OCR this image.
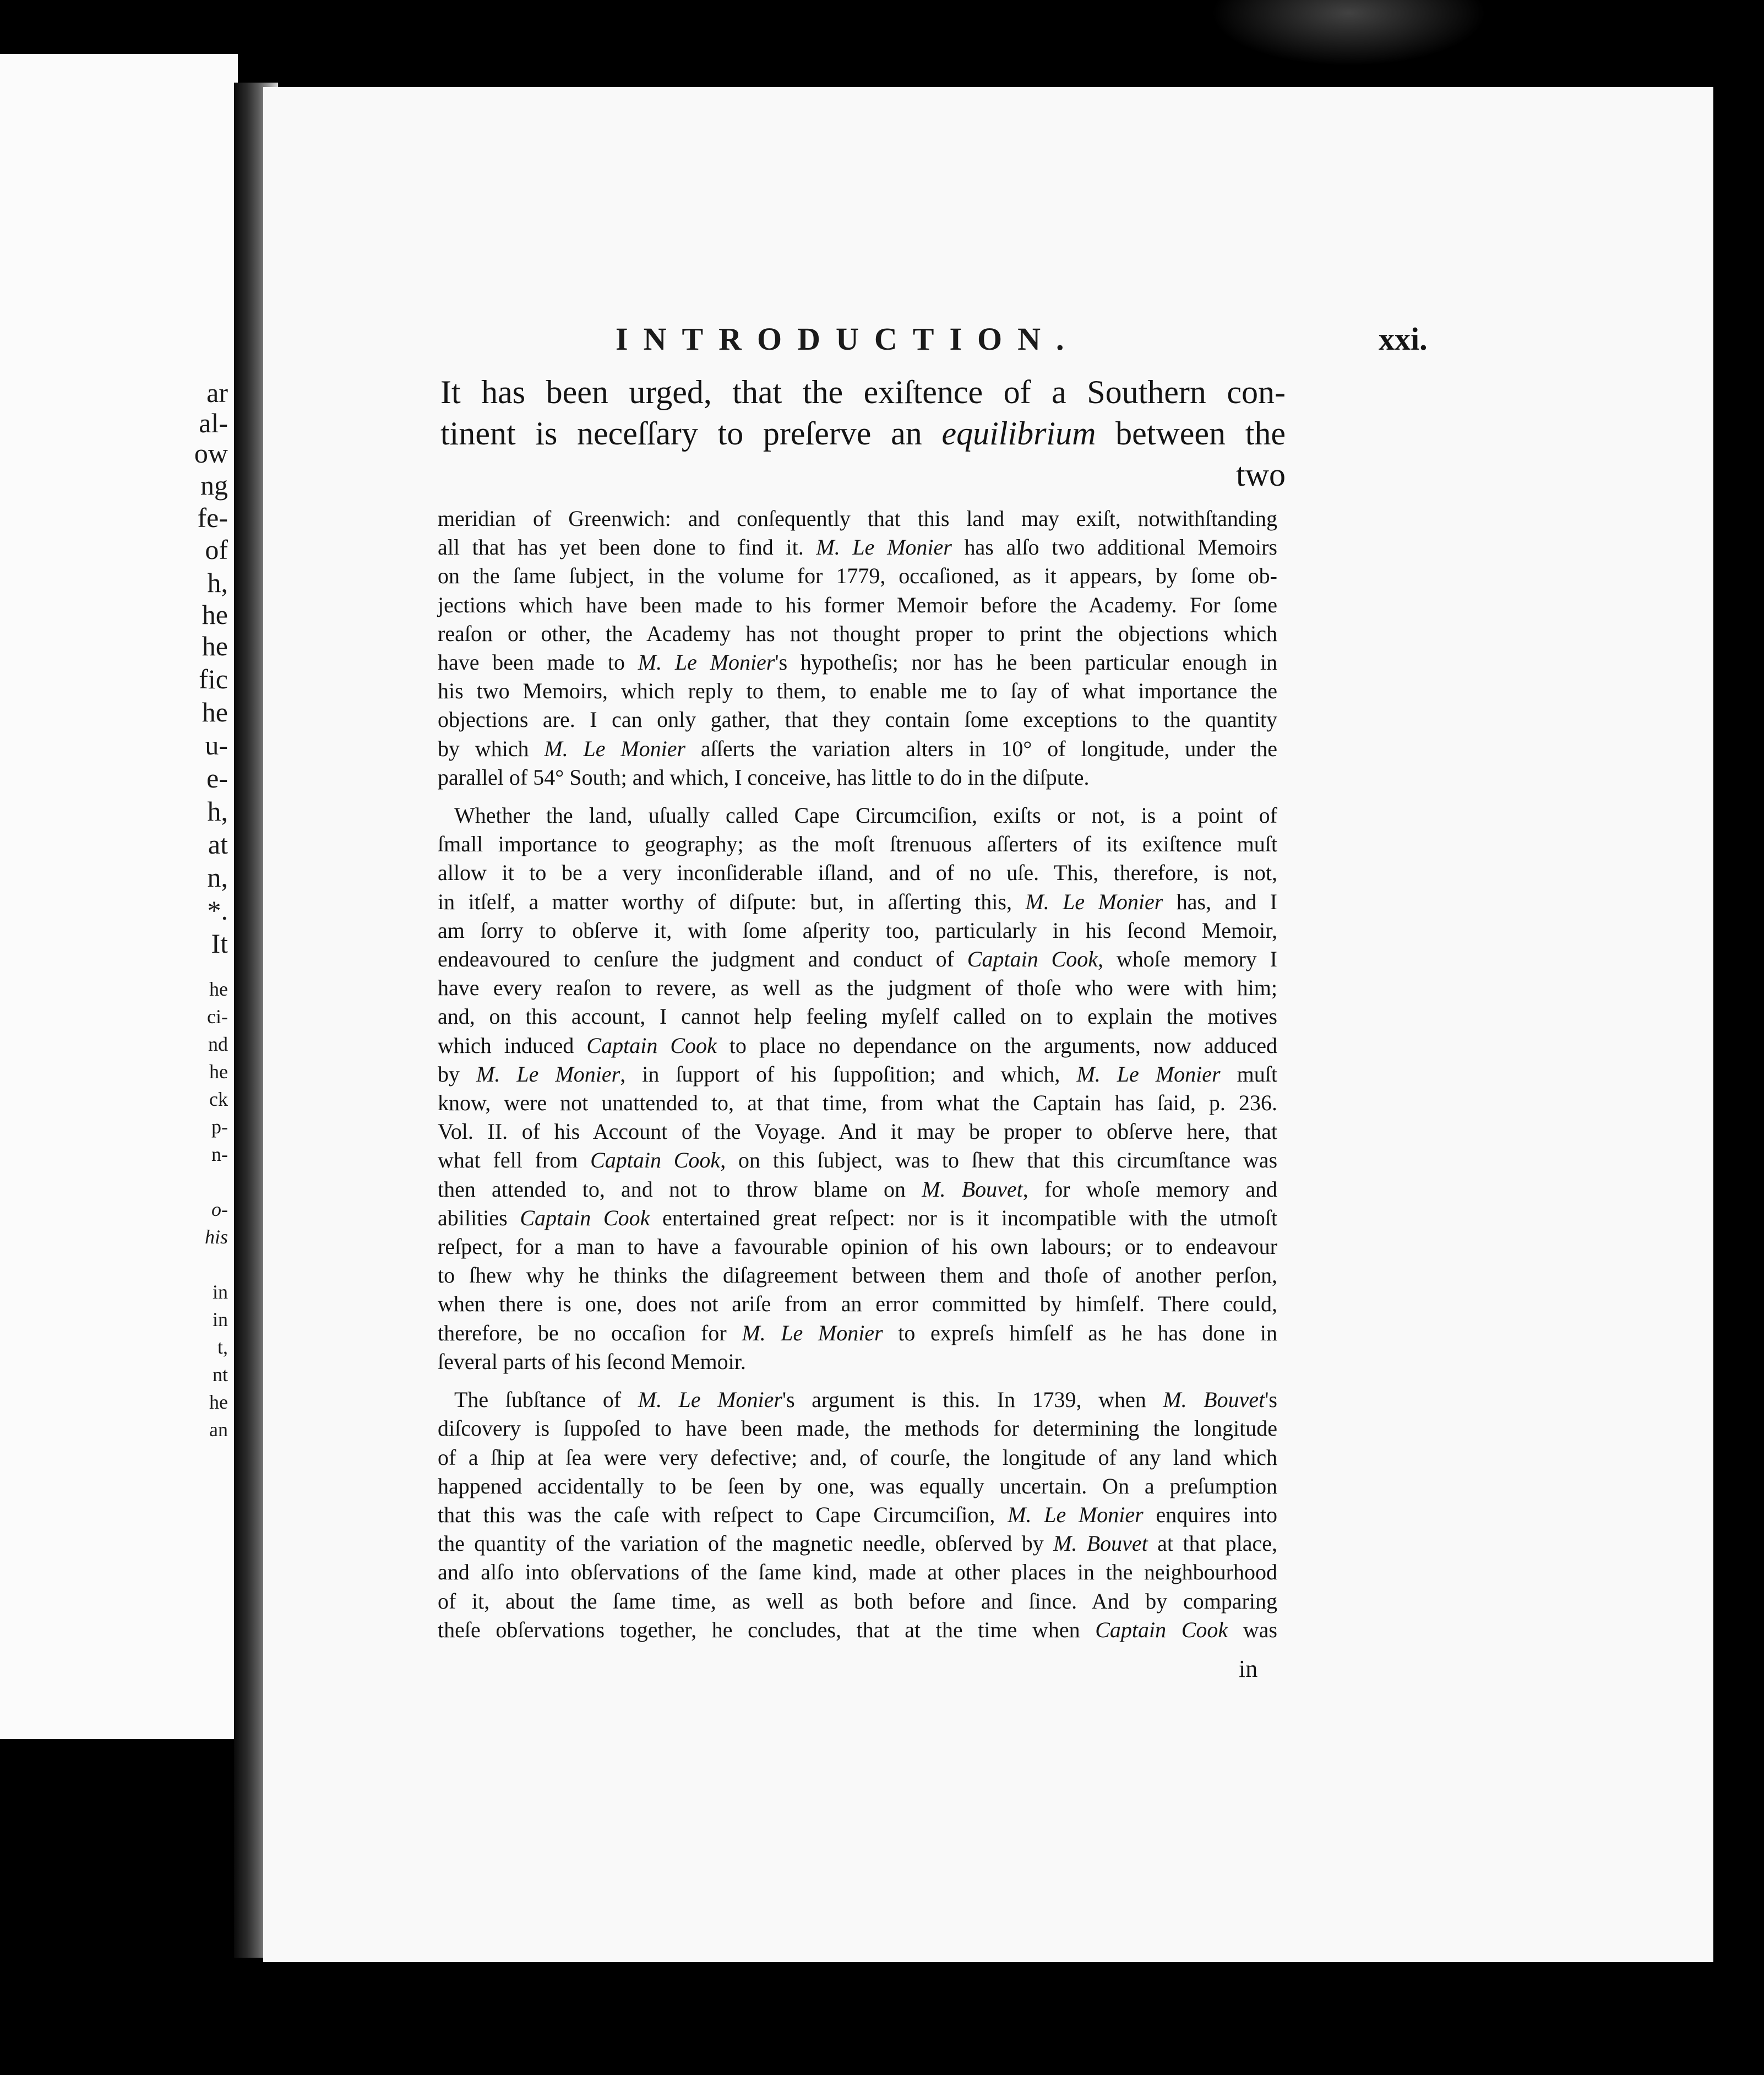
ar
al-
ow
ng
fe-
of
h,
he
he
fic
he
u-
e-
h,
at
n,
*.
It
he
ci-
nd
he
ck
p-
n-
o-
his
in
in
t,
nt
he
an
INTRODUCTION.	xxi.
It has been urged, that the exiſtence of a Southern con-
tinent is neceſſary to preſerve an equilibrium between the
two
meridian of Greenwich: and conſequently that this land may exiſt, notwithſtanding
all that has yet been done to find it. M. Le Monier has alſo two additional Memoirs
on the ſame ſubject, in the volume for 1779, occaſioned, as it appears, by ſome ob-
jections which have been made to his former Memoir before the Academy. For ſome
reaſon or other, the Academy has not thought proper to print the objections which
have been made to M. Le Monier's hypotheſis; nor has he been particular enough in
his two Memoirs, which reply to them, to enable me to ſay of what importance the
objections are. I can only gather, that they contain ſome exceptions to the quantity
by which M. Le Monier aſſerts the variation alters in 10° of longitude, under the
parallel of 54° South; and which, I conceive, has little to do in the diſpute.
Whether the land, uſually called Cape Circumciſion, exiſts or not, is a point of
ſmall importance to geography; as the moſt ſtrenuous aſſerters of its exiſtence muſt
allow it to be a very inconſiderable iſland, and of no uſe. This, therefore, is not,
in itſelf, a matter worthy of diſpute: but, in aſſerting this, M. Le Monier has, and I
am ſorry to obſerve it, with ſome aſperity too, particularly in his ſecond Memoir,
endeavoured to cenſure the judgment and conduct of Captain Cook, whoſe memory I
have every reaſon to revere, as well as the judgment of thoſe who were with him;
and, on this account, I cannot help feeling myſelf called on to explain the motives
which induced Captain Cook to place no dependance on the arguments, now adduced
by M. Le Monier, in ſupport of his ſuppoſition; and which, M. Le Monier muſt
know, were not unattended to, at that time, from what the Captain has ſaid, p. 236.
Vol. II. of his Account of the Voyage. And it may be proper to obſerve here, that
what fell from Captain Cook, on this ſubject, was to ſhew that this circumſtance was
then attended to, and not to throw blame on M. Bouvet, for whoſe memory and
abilities Captain Cook entertained great reſpect: nor is it incompatible with the utmoſt
reſpect, for a man to have a favourable opinion of his own labours; or to endeavour
to ſhew why he thinks the diſagreement between them and thoſe of another perſon,
when there is one, does not ariſe from an error committed by himſelf. There could,
therefore, be no occaſion for M. Le Monier to expreſs himſelf as he has done in
ſeveral parts of his ſecond Memoir.
The ſubſtance of M. Le Monier's argument is this. In 1739, when M. Bouvet's
diſcovery is ſuppoſed to have been made, the methods for determining the longitude
of a ſhip at ſea were very defective; and, of courſe, the longitude of any land which
happened accidentally to be ſeen by one, was equally uncertain. On a preſumption
that this was the caſe with reſpect to Cape Circumciſion, M. Le Monier enquires into
the quantity of the variation of the magnetic needle, obſerved by M. Bouvet at that place,
and alſo into obſervations of the ſame kind, made at other places in the neighbourhood
of it, about the ſame time, as well as both before and ſince. And by comparing
theſe obſervations together, he concludes, that at the time when Captain Cook was
in
